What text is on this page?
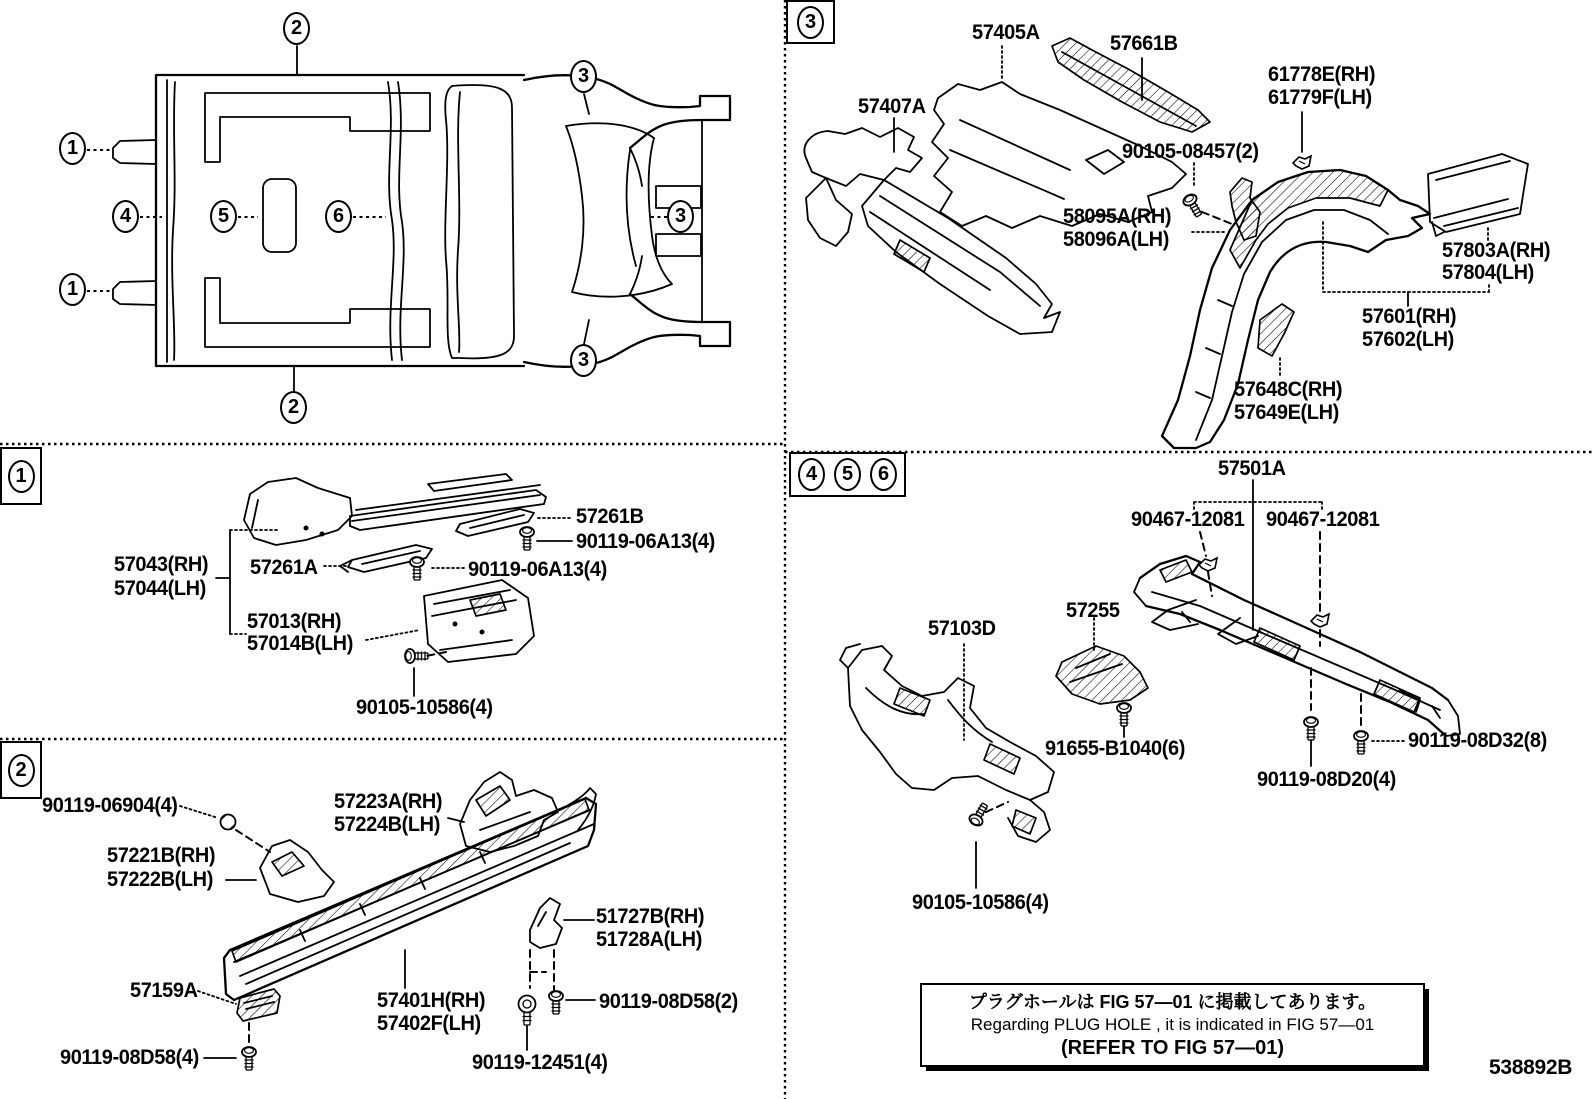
2
3
1
4	5	6	3
1
3
2
3
1
2
4	5	6
57405A	57661B
57407A
61778E(RH)
61779F(LH)
90105-08457(2)
58095A(RH)
58096A(LH)	57803A(RH)
57804(LH)
57601(RH)
57602(LH)
57648C(RH)
57649E(LH)
57261B
90119-06A13(4)
57261A	90119-06A13(4)
57043(RH)
57044(LH)
57013(RH)
57014B(LH)
90105-10586(4)
90119-06904(4)	57223A(RH)
57224B(LH)
57221B(RH)
57222B(LH)
51727B(RH)
51728A(LH)
57159A	57401H(RH)
57402F(LH)
90119-08D58(2)
90119-08D58(4)	90119-12451(4)
57501A
90467-12081 90467-12081
57255
57103D
91655-B1040(6)	90119-08D32(8)
90119-08D20(4)
90105-10586(4)
プラグホールは FIG 57—01 に掲載してあります。
Regarding PLUG HOLE , it is indicated in FIG 57—01
(REFER TO FIG 57—01)
538892B
